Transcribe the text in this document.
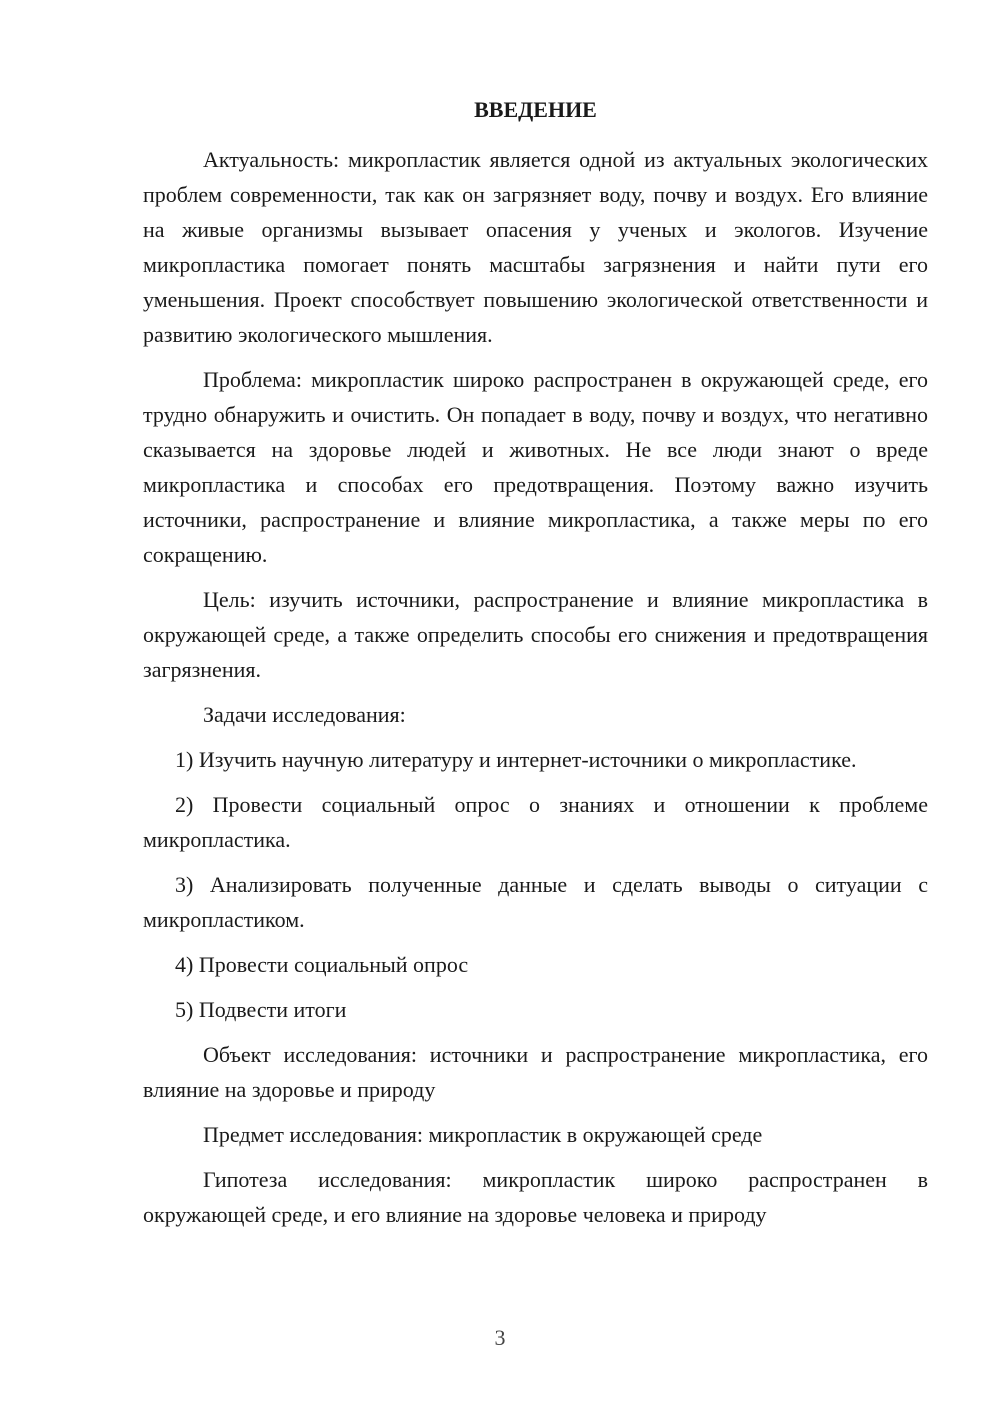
ВВЕДЕНИЕ

Актуальность: микропластик является одной из актуальных экологических проблем современности, так как он загрязняет воду, почву и воздух. Его влияние на живые организмы вызывает опасения у ученых и экологов. Изучение микропластика помогает понять масштабы загрязнения и найти пути его уменьшения. Проект способствует повышению экологической ответственности и развитию экологического мышления.

Проблема: микропластик широко распространен в окружающей среде, его трудно обнаружить и очистить. Он попадает в воду, почву и воздух, что негативно сказывается на здоровье людей и животных. Не все люди знают о вреде микропластика и способах его предотвращения. Поэтому важно изучить источники, распространение и влияние микропластика, а также меры по его сокращению.

Цель: изучить источники, распространение и влияние микропластика в окружающей среде, а также определить способы его снижения и предотвращения загрязнения.

Задачи исследования:

1) Изучить научную литературу и интернет-источники о микропластике.

2) Провести социальный опрос о знаниях и отношении к проблеме микропластика.

3) Анализировать полученные данные и сделать выводы о ситуации с микропластиком.

4) Провести социальный опрос

5) Подвести итоги

Объект исследования: источники и распространение микропластика, его влияние на здоровье и природу

Предмет исследования: микропластик в окружающей среде

Гипотеза исследования: микропластик широко распространен в окружающей среде, и его влияние на здоровье человека и природу

3
